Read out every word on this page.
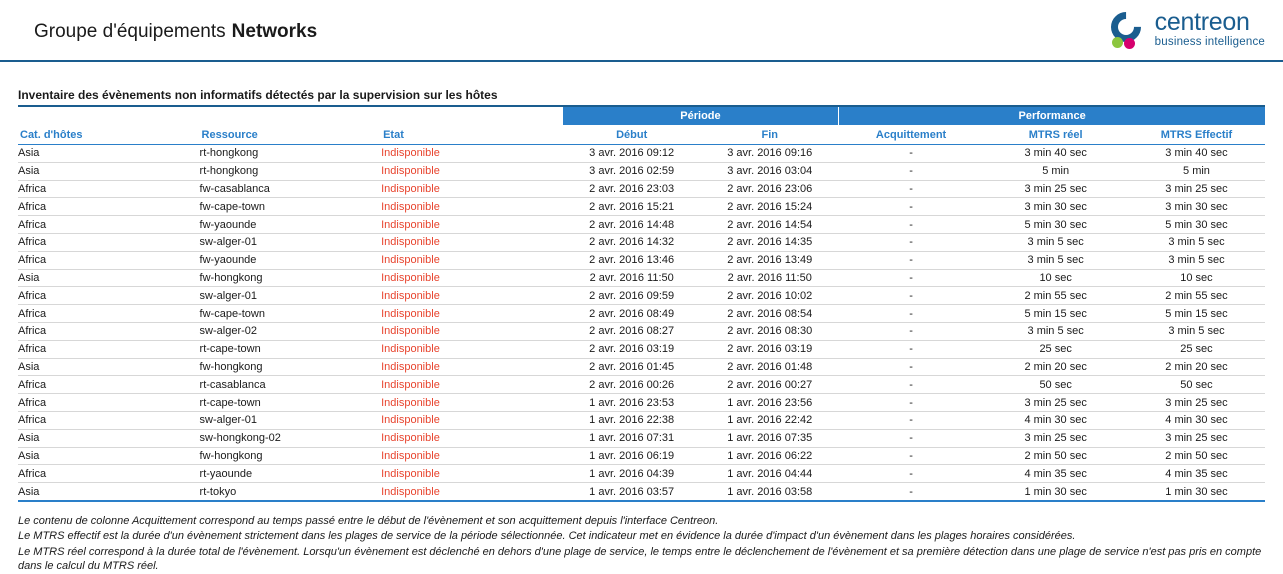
Groupe d'équipements Networks	centreon
business intelligence
Inventaire des évènements non informatifs détectés par la supervision sur les hôtes
			Période		Performance		
Cat. d'hôtes	Ressource	Etat	Début	Fin	Acquittement	MTRS réel	MTRS Effectif
Asia	rt-hongkong	Indisponible	3 avr. 2016 09:12	3 avr. 2016 09:16	-	3 min 40 sec	3 min 40 sec
Asia	rt-hongkong	Indisponible	3 avr. 2016 02:59	3 avr. 2016 03:04	-	5 min	5 min
Africa	fw-casablanca	Indisponible	2 avr. 2016 23:03	2 avr. 2016 23:06	-	3 min 25 sec	3 min 25 sec
Africa	fw-cape-town	Indisponible	2 avr. 2016 15:21	2 avr. 2016 15:24	-	3 min 30 sec	3 min 30 sec
Africa	fw-yaounde	Indisponible	2 avr. 2016 14:48	2 avr. 2016 14:54	-	5 min 30 sec	5 min 30 sec
Africa	sw-alger-01	Indisponible	2 avr. 2016 14:32	2 avr. 2016 14:35	-	3 min 5 sec	3 min 5 sec
Africa	fw-yaounde	Indisponible	2 avr. 2016 13:46	2 avr. 2016 13:49	-	3 min 5 sec	3 min 5 sec
Asia	fw-hongkong	Indisponible	2 avr. 2016 11:50	2 avr. 2016 11:50	-	10 sec	10 sec
Africa	sw-alger-01	Indisponible	2 avr. 2016 09:59	2 avr. 2016 10:02	-	2 min 55 sec	2 min 55 sec
Africa	fw-cape-town	Indisponible	2 avr. 2016 08:49	2 avr. 2016 08:54	-	5 min 15 sec	5 min 15 sec
Africa	sw-alger-02	Indisponible	2 avr. 2016 08:27	2 avr. 2016 08:30	-	3 min 5 sec	3 min 5 sec
Africa	rt-cape-town	Indisponible	2 avr. 2016 03:19	2 avr. 2016 03:19	-	25 sec	25 sec
Asia	fw-hongkong	Indisponible	2 avr. 2016 01:45	2 avr. 2016 01:48	-	2 min 20 sec	2 min 20 sec
Africa	rt-casablanca	Indisponible	2 avr. 2016 00:26	2 avr. 2016 00:27	-	50 sec	50 sec
Africa	rt-cape-town	Indisponible	1 avr. 2016 23:53	1 avr. 2016 23:56	-	3 min 25 sec	3 min 25 sec
Africa	sw-alger-01	Indisponible	1 avr. 2016 22:38	1 avr. 2016 22:42	-	4 min 30 sec	4 min 30 sec
Asia	sw-hongkong-02	Indisponible	1 avr. 2016 07:31	1 avr. 2016 07:35	-	3 min 25 sec	3 min 25 sec
Asia	fw-hongkong	Indisponible	1 avr. 2016 06:19	1 avr. 2016 06:22	-	2 min 50 sec	2 min 50 sec
Africa	rt-yaounde	Indisponible	1 avr. 2016 04:39	1 avr. 2016 04:44	-	4 min 35 sec	4 min 35 sec
Asia	rt-tokyo	Indisponible	1 avr. 2016 03:57	1 avr. 2016 03:58	-	1 min 30 sec	1 min 30 sec

Le contenu de colonne Acquittement correspond au temps passé entre le début de l'évènement et son acquittement depuis l'interface Centreon.

Le MTRS effectif est la durée d'un évènement strictement dans les plages de service de la période sélectionnée. Cet indicateur met en évidence la durée d'impact d'un évènement dans les plages horaires considérées.

Le MTRS réel correspond à la durée total de l'évènement. Lorsqu'un évènement est déclenché en dehors d'une plage de service, le temps entre le déclenchement de l'évènement et sa première détection dans une plage de service n'est pas pris en compte dans le calcul du MTRS réel.
